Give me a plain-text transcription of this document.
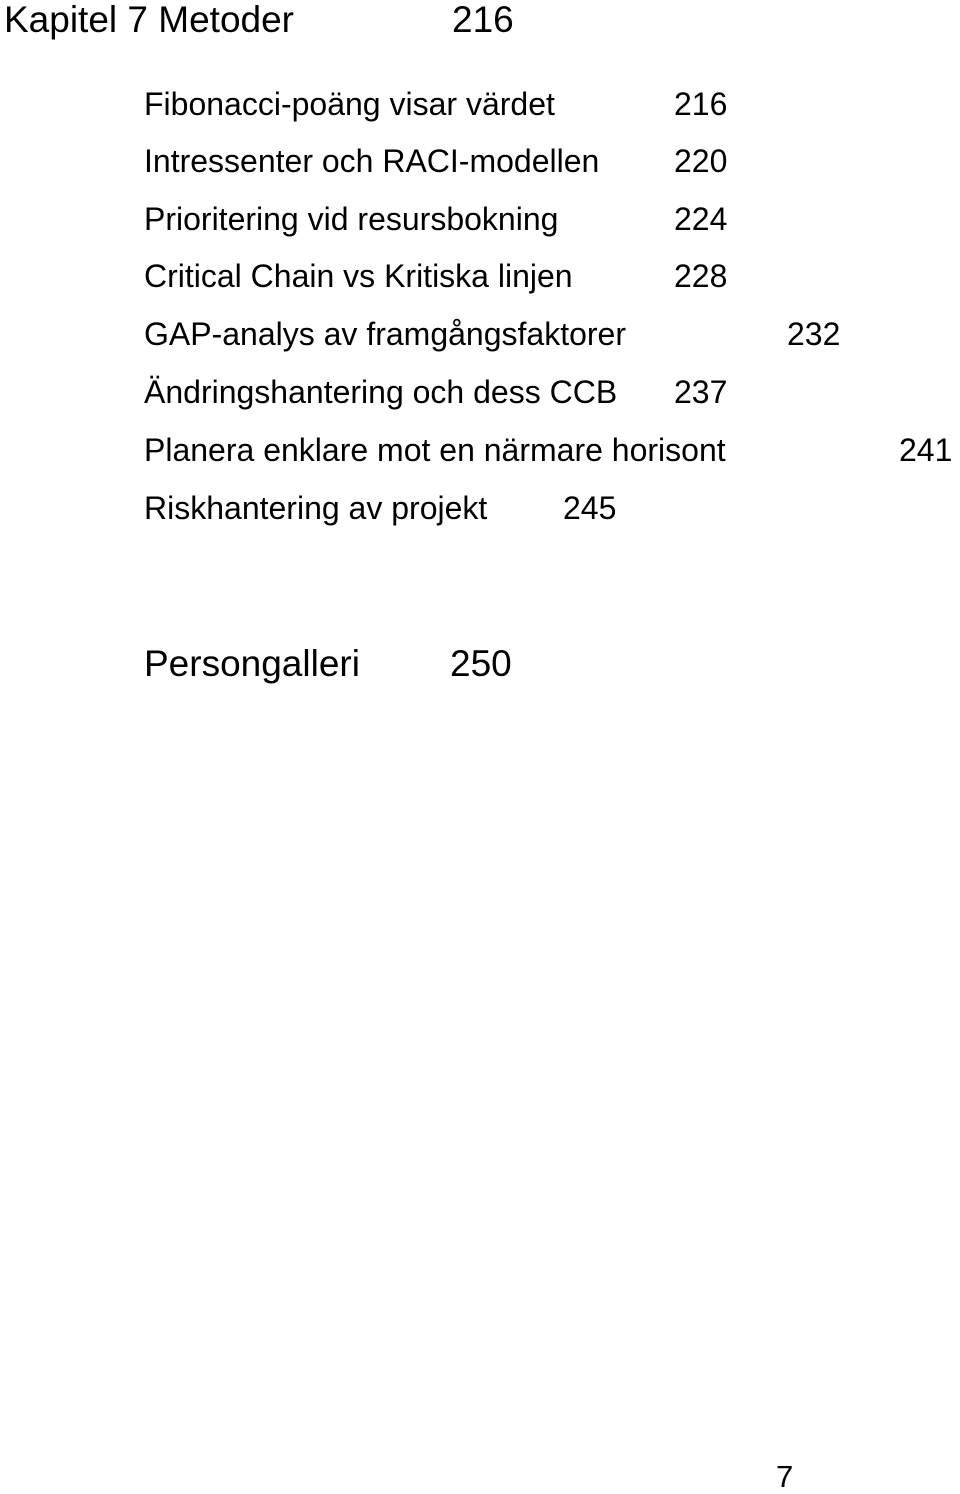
Kapitel 7 Metoder	216
Fibonacci-poäng visar värdet	216
Intressenter och RACI-modellen 220
Prioritering vid resursbokning	224
Critical Chain vs Kritiska linjen	228
GAP-analys av framgångsfaktorer	232
Ändringshantering och dess CCB 237
Planera enklare mot en närmare horisont	241
Riskhantering av projekt 245
Persongalleri 250
7
